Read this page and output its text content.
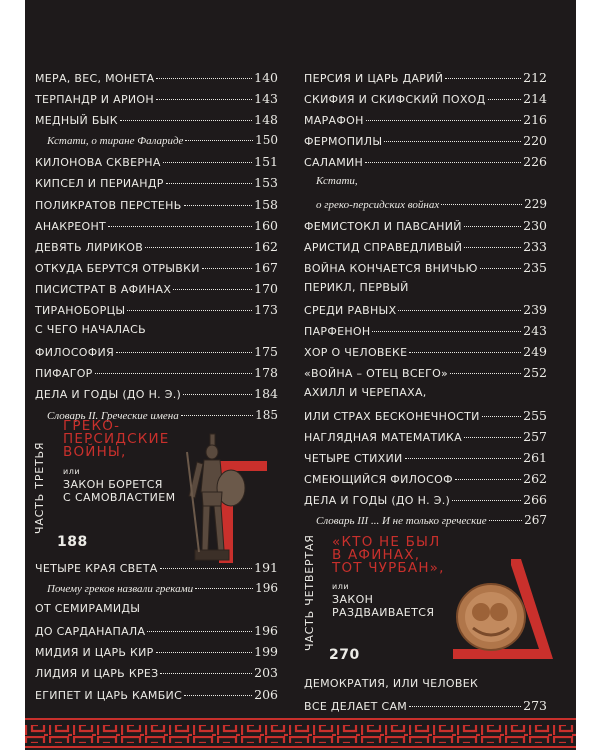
МЕРА, ВЕС, МОНЕТА	140
ТЕРПАНДР И АРИОН	143
МЕДНЫЙ БЫК	148
Кстати, о тиране Фаларидe	150
КИЛОНОВА СКВЕРНА	151
КИПСЕЛ И ПЕРИАНДР	153
ПОЛИКРАТОВ ПЕРСТЕНЬ	158
АНАКРЕОНТ	160
ДЕВЯТЬ ЛИРИКОВ	162
ОТКУДА БЕРУТСЯ ОТРЫВКИ	167
ПИСИСТРАТ В АФИНАХ	170
ТИРАНОБОРЦЫ	173
С ЧЕГО НАЧАЛАСЬ
ФИЛОСОФИЯ	175
ПИФАГОР	178
ДЕЛА И ГОДЫ (ДО Н. Э.)	184
Словарь II. Греческие имена	185
ЧАСТЬ ТРЕТЬЯ
ГРЕКО-
ПЕРСИДСКИЕ
ВОЙНЫ,
или
ЗАКОН БОРЕТСЯ
С САМОВЛАСТИЕМ
188
ЧЕТЫРЕ КРАЯ СВЕТА	191
Почему греков назвали греками	196
ОТ СЕМИРАМИДЫ
ДО САРДАНАПАЛА	196
МИДИЯ И ЦАРЬ КИР	199
ЛИДИЯ И ЦАРЬ КРЕЗ	203
ЕГИПЕТ И ЦАРЬ КАМБИС	206
ПЕРСИЯ И ЦАРЬ ДАРИЙ	212
СКИФИЯ И СКИФСКИЙ ПОХОД	214
МАРАФОН	216
ФЕРМОПИЛЫ	220
САЛАМИН	226
Кстати,
о греко-персидских войнах	229
ФЕМИСТОКЛ И ПАВСАНИЙ	230
АРИСТИД СПРАВЕДЛИВЫЙ	233
ВОЙНА КОНЧАЕТСЯ ВНИЧЬЮ	235
ПЕРИКЛ, ПЕРВЫЙ
СРЕДИ РАВНЫХ	239
ПАРФЕНОН	243
ХОР О ЧЕЛОВЕКЕ	249
«ВОЙНА – ОТЕЦ ВСЕГО»	252
АХИЛЛ И ЧЕРЕПАХА,
ИЛИ СТРАХ БЕСКОНЕЧНОСТИ	255
НАГЛЯДНАЯ МАТЕМАТИКА	257
ЧЕТЫРЕ СТИХИИ	261
СМЕЮЩИЙСЯ ФИЛОСОФ	262
ДЕЛА И ГОДЫ (ДО Н. Э.)	266
Словарь III ... И не только греческие	267
ЧАСТЬ ЧЕТВЕРТАЯ «КТО НЕ БЫЛ
В АФИНАХ,
ТОТ ЧУРБАН»,
или
ЗАКОН
РАЗДВАИВАЕТСЯ
270
ДЕМОКРАТИЯ, ИЛИ ЧЕЛОВЕК
ВСЕ ДЕЛАЕТ САМ	273
